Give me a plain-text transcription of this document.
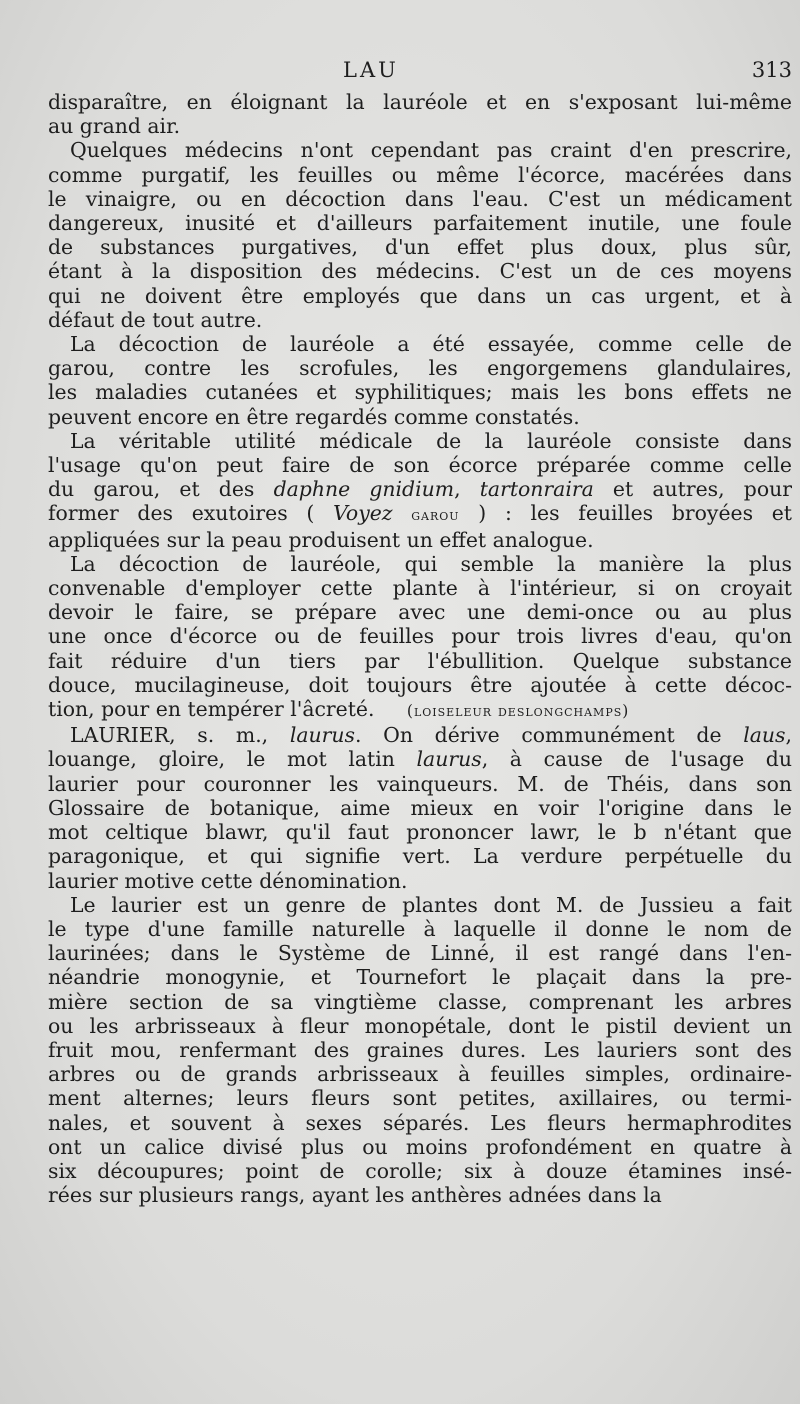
LAU	313
disparaître, en éloignant la lauréole et en s'exposant lui-même
au grand air.
Quelques médecins n'ont cependant pas craint d'en prescrire,
comme purgatif, les feuilles ou même l'écorce, macérées dans
le vinaigre, ou en décoction dans l'eau. C'est un médicament
dangereux, inusité et d'ailleurs parfaitement inutile, une foule
de substances purgatives, d'un effet plus doux, plus sûr,
étant à la disposition des médecins. C'est un de ces moyens
qui ne doivent être employés que dans un cas urgent, et à
défaut de tout autre.
La décoction de lauréole a été essayée, comme celle de
garou, contre les scrofules, les engorgemens glandulaires,
les maladies cutanées et syphilitiques; mais les bons effets ne
peuvent encore en être regardés comme constatés.
La véritable utilité médicale de la lauréole consiste dans
l'usage qu'on peut faire de son écorce préparée comme celle
du garou, et des daphne gnidium, tartonraira et autres, pour
former des exutoires ( Voyez garou ) : les feuilles broyées et
appliquées sur la peau produisent un effet analogue.
La décoction de lauréole, qui semble la manière la plus
convenable d'employer cette plante à l'intérieur, si on croyait
devoir le faire, se prépare avec une demi-once ou au plus
une once d'écorce ou de feuilles pour trois livres d'eau, qu'on
fait réduire d'un tiers par l'ébullition. Quelque substance
douce, mucilagineuse, doit toujours être ajoutée à cette décoc-
tion, pour en tempérer l'âcreté.     (loiseleur deslongchamps)
LAURIER, s. m., laurus. On dérive communément de laus,
louange, gloire, le mot latin laurus, à cause de l'usage du
laurier pour couronner les vainqueurs. M. de Théis, dans son
Glossaire de botanique, aime mieux en voir l'origine dans le
mot celtique blawr, qu'il faut prononcer lawr, le b n'étant que
paragonique, et qui signifie vert. La verdure perpétuelle du
laurier motive cette dénomination.
Le laurier est un genre de plantes dont M. de Jussieu a fait
le type d'une famille naturelle à laquelle il donne le nom de
laurinées; dans le Système de Linné, il est rangé dans l'en-
néandrie monogynie, et Tournefort le plaçait dans la pre-
mière section de sa vingtième classe, comprenant les arbres
ou les arbrisseaux à fleur monopétale, dont le pistil devient un
fruit mou, renfermant des graines dures. Les lauriers sont des
arbres ou de grands arbrisseaux à feuilles simples, ordinaire-
ment alternes; leurs fleurs sont petites, axillaires, ou termi-
nales, et souvent à sexes séparés. Les fleurs hermaphrodites
ont un calice divisé plus ou moins profondément en quatre à
six découpures; point de corolle; six à douze étamines insé-
rées sur plusieurs rangs, ayant les anthères adnées dans la
